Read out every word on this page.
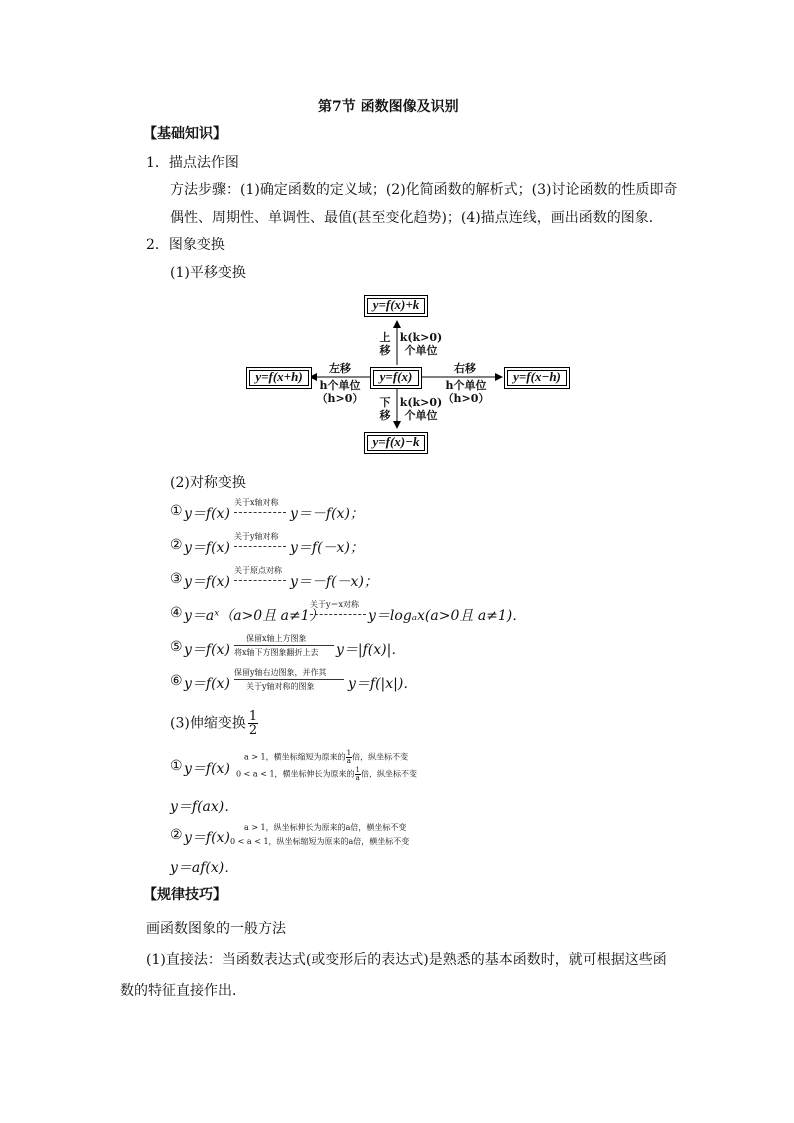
第7节 函数图像及识别
【基础知识】
1．描点法作图
方法步骤：(1)确定函数的定义域；(2)化简函数的解析式；(3)讨论函数的性质即奇
偶性、周期性、单调性、最值(甚至变化趋势)；(4)描点连线，画出函数的图象．
2．图象变换
(1)平移变换
y=f(x)+k
y=f(x)
y=f(x+h)	y=f(x−h)
y=f(x)−k
上
移
k(k>0)
个单位
下
移
k(k>0)
个单位
左移
h个单位
（h>0）
右移
h个单位
（h>0）
(2)对称变换
① y＝f(x)
关于x轴对称
y＝－f(x)；
② y＝f(x)
关于y轴对称
y＝f(－x)；
③ y＝f(x)
关于原点对称
y＝－f(－x)；
④ y＝aˣ（a>0且 a≠1）
关于y＝x对称
y＝logₐx(a>0且 a≠1)．
⑤ y＝f(x)
保留x轴上方图象
将x轴下方图象翻折上去 y＝|f(x)|．
⑥ y＝f(x)
保留y轴右边图象，并作其
关于y轴对称的图象 y＝f(|x|)．
(3)伸缩变换 $\frac{1}{2}$
① y＝f(x)
a > 1，横坐标缩短为原来的 $\frac{1}{a}$ 倍，纵坐标不变
0 < a < 1，横坐标伸长为原来的 $\frac{1}{a}$ 倍，纵坐标不变
y＝f(ax)．
② y＝f(x)
a > 1，纵坐标伸长为原来的a倍，横坐标不变
0 < a < 1，纵坐标缩短为原来的a倍，横坐标不变
y＝af(x)．
【规律技巧】
画函数图象的一般方法
(1)直接法：当函数表达式(或变形后的表达式)是熟悉的基本函数时，就可根据这些函
数的特征直接作出．
